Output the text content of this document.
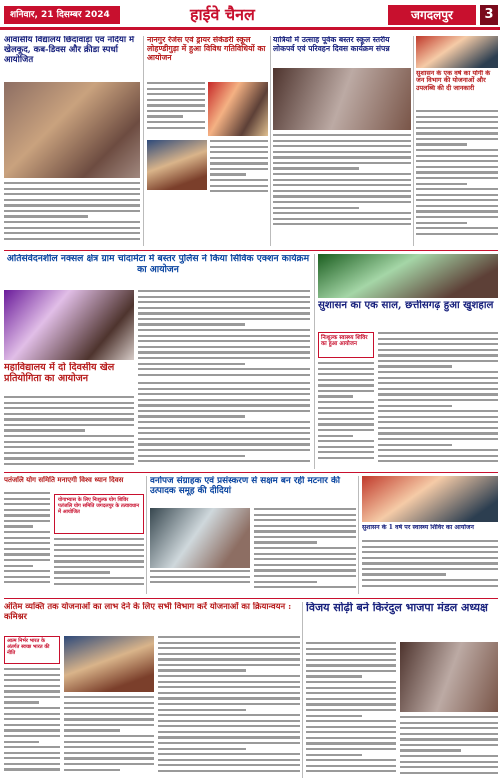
शनिवार, 21 दिसम्बर 2024	हाईवे चैनल	जगदलपुर	3
आवासीय विद्यालय छिंदावाड़ा एवं नदिया में खेलकूद, कब-डिवस और क्रीडा स्पर्धा आयोजित
नानगुर रेंजेस एवं ड्रायर सेकेंडरी स्कूल लोहण्डीगुड़ा में हुआ विविध गतिविधियों का आयोजन
यात्रियों में उत्साह पूर्वक बस्तर स्कूल स्तरीय लोकपर्व एवं परिवहन दिवस कार्यक्रम संपन्न
सुशासन के एक वर्ष का योगी के जन विभाग की योजनाओं और उपलब्धि की दी जानकारी
अतिसंवेदनशील नक्सल क्षेत्र ग्राम चांदामेटा में बस्तर पुलिस ने किया सिविक एक्शन कार्यक्रम का आयोजन
महाविद्यालय में दो दिवसीय खेल प्रतियोगिता का आयोजन
सुशासन का एक साल, छत्तीसगढ़ हुआ खुशहाल
निःशुल्क स्वास्थ्य शिविर का हुआ आयोजन
पतंजलि योग समिति मनाएगी विश्व ध्यान दिवस
योगाभ्यास के लिए निःशुल्क योग शिविर पतंजलि योग समिति जगदलपुर के तत्वावधान में आयोजित
वनोपज संग्राहक एवं प्रसंस्करण से सक्षम बन रही मटनार की उत्पादक समूह की दीदियां
सुशासन के 1 वर्ष पर स्वास्थ्य शिविर का आयोजन
अंतिम व्यक्ति तक योजनाओं का लाभ देने के लिए सभी विभाग करें योजनाओं का क्रियान्वयन : कमिश्नर
आत्म निर्भर भारत के अंतर्गत स्वच्छ भारत की नीति
विजय सोढ़ी बने किरंदुल भाजपा मंडल अध्यक्ष
